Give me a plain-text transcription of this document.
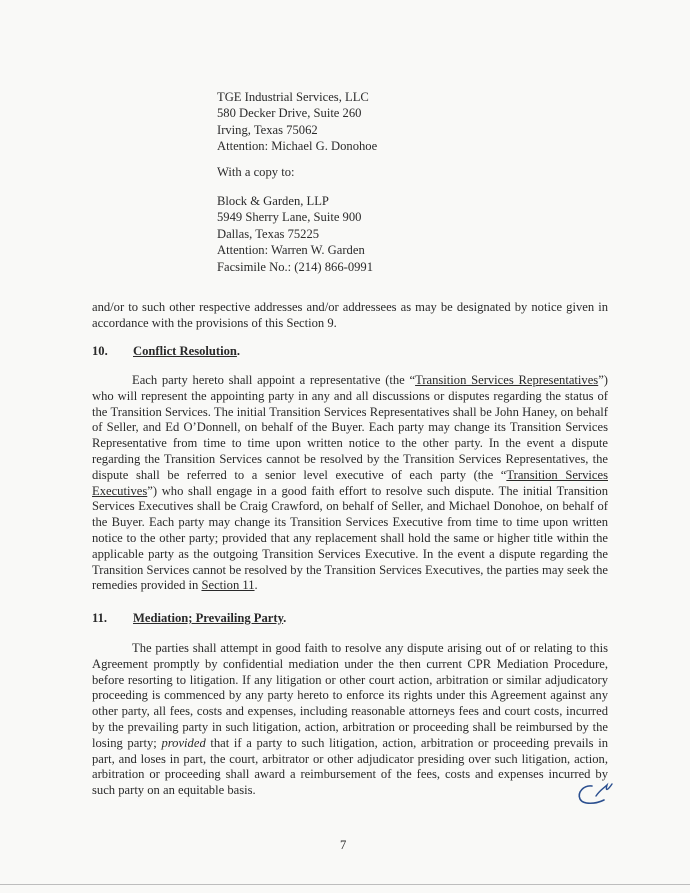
TGE Industrial Services, LLC
580 Decker Drive, Suite 260
Irving, Texas 75062
Attention: Michael G. Donohoe
With a copy to:
Block & Garden, LLP
5949 Sherry Lane, Suite 900
Dallas, Texas 75225
Attention: Warren W. Garden
Facsimile No.: (214) 866-0991

and/or to such other respective addresses and/or addressees as may be designated by notice given in accordance with the provisions of this Section 9.

10. Conflict Resolution.

Each party hereto shall appoint a representative (the “Transition Services Representatives”) who will represent the appointing party in any and all discussions or disputes regarding the status of the Transition Services. The initial Transition Services Representatives shall be John Haney, on behalf of Seller, and Ed O’Donnell, on behalf of the Buyer. Each party may change its Transition Services Representative from time to time upon written notice to the other party. In the event a dispute regarding the Transition Services cannot be resolved by the Transition Services Representatives, the dispute shall be referred to a senior level executive of each party (the “Transition Services Executives”) who shall engage in a good faith effort to resolve such dispute. The initial Transition Services Executives shall be Craig Crawford, on behalf of Seller, and Michael Donohoe, on behalf of the Buyer. Each party may change its Transition Services Executive from time to time upon written notice to the other party; provided that any replacement shall hold the same or higher title within the applicable party as the outgoing Transition Services Executive. In the event a dispute regarding the Transition Services cannot be resolved by the Transition Services Executives, the parties may seek the remedies provided in Section 11.

11. Mediation; Prevailing Party.

The parties shall attempt in good faith to resolve any dispute arising out of or relating to this Agreement promptly by confidential mediation under the then current CPR Mediation Procedure, before resorting to litigation. If any litigation or other court action, arbitration or similar adjudicatory proceeding is commenced by any party hereto to enforce its rights under this Agreement against any other party, all fees, costs and expenses, including reasonable attorneys fees and court costs, incurred by the prevailing party in such litigation, action, arbitration or proceeding shall be reimbursed by the losing party; provided that if a party to such litigation, action, arbitration or proceeding prevails in part, and loses in part, the court, arbitrator or other adjudicator presiding over such litigation, action, arbitration or proceeding shall award a reimbursement of the fees, costs and expenses incurred by such party on an equitable basis.

7
